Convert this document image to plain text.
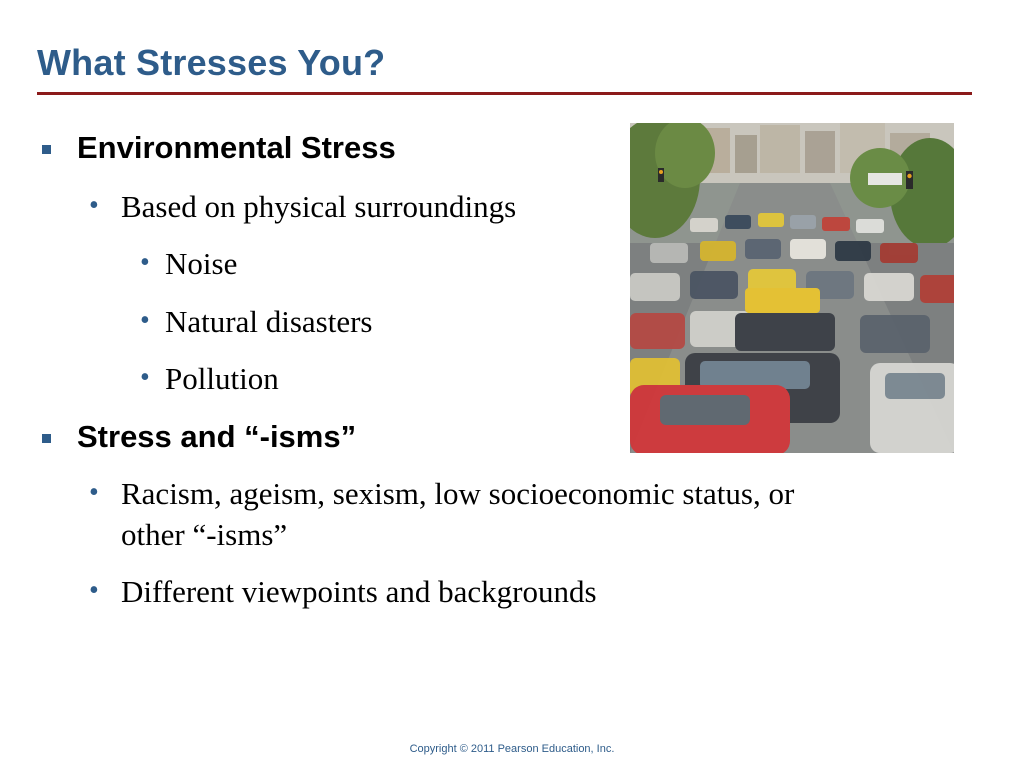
What Stresses You?
Environmental Stress
• Based on physical surroundings
• Noise
• Natural disasters
• Pollution
Stress and “-isms”
• Racism, ageism, sexism, low socioeconomic status, or
other “-isms”
• Different viewpoints and backgrounds
Copyright © 2011 Pearson Education, Inc.
